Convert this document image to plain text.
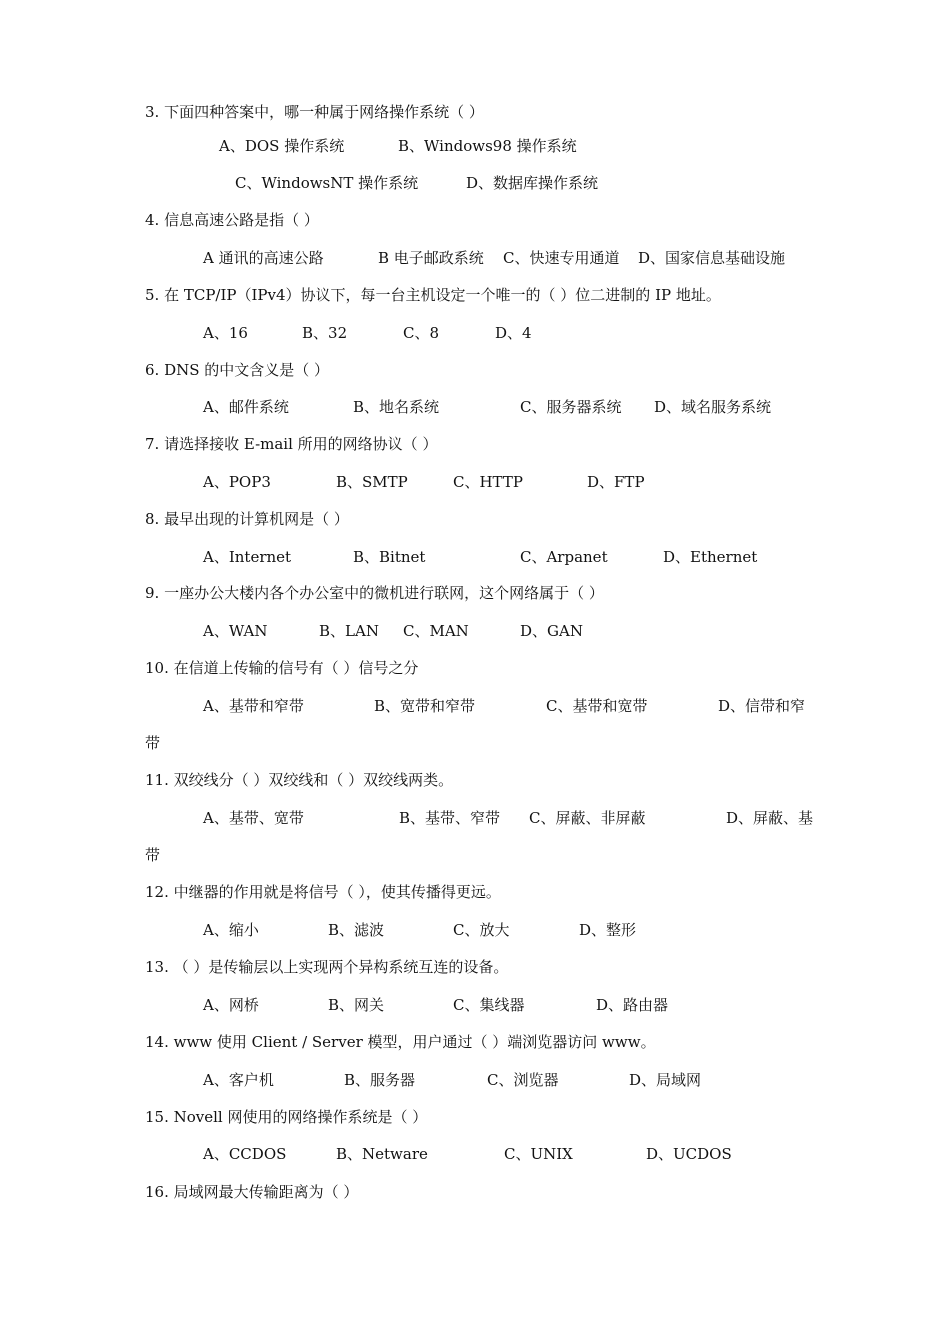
3. 下面四种答案中，哪一种属于网络操作系统（ ）
A、DOS 操作系统	B、Windows98 操作系统
C、WindowsNT 操作系统	D、数据库操作系统
4. 信息高速公路是指（ ）
A 通讯的高速公路	B 电子邮政系统 C、快速专用通道 D、国家信息基础设施
5. 在 TCP/IP（IPv4）协议下，每一台主机设定一个唯一的（ ）位二进制的 IP 地址。
A、16	B、32	C、8	D、4
6. DNS 的中文含义是（ ）
A、邮件系统	B、地名系统	C、服务器系统 D、域名服务系统
7. 请选择接收 E-mail 所用的网络协议（ ）
A、POP3	B、SMTP	C、HTTP	D、FTP
8. 最早出现的计算机网是（ ）
A、Internet	B、Bitnet	C、Arpanet	D、Ethernet
9. 一座办公大楼内各个办公室中的微机进行联网，这个网络属于（ ）
A、WAN	B、LAN C、MAN	D、GAN
10. 在信道上传输的信号有（ ）信号之分
A、基带和窄带	B、宽带和窄带	C、基带和宽带	D、信带和窄
带
11. 双绞线分（ ）双绞线和（ ）双绞线两类。
A、基带、宽带	B、基带、窄带 C、屏蔽、非屏蔽	D、屏蔽、基
带
12. 中继器的作用就是将信号（ ），使其传播得更远。
A、缩小	B、滤波	C、放大	D、整形
13. （ ）是传输层以上实现两个异构系统互连的设备。
A、网桥	B、网关	C、集线器	D、路由器
14. www 使用 Client / Server 模型，用户通过（ ）端浏览器访问 www。
A、客户机	B、服务器	C、浏览器	D、局域网
15. Novell 网使用的网络操作系统是（ ）
A、CCDOS	B、Netware	C、UNIX	D、UCDOS
16. 局域网最大传输距离为（ ）
